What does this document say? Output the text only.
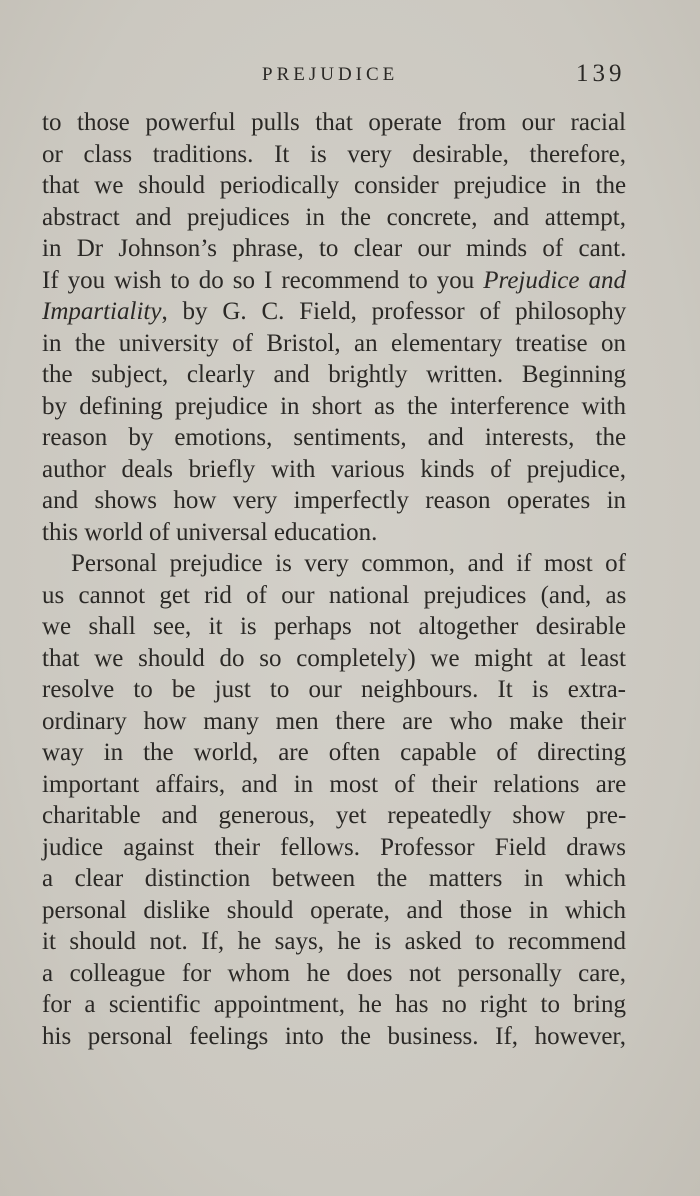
PREJUDICE	139
to those powerful pulls that operate from our racial
or class traditions. It is very desirable, therefore,
that we should periodically consider prejudice in the
abstract and prejudices in the concrete, and attempt,
in Dr Johnson’s phrase, to clear our minds of cant.
If you wish to do so I recommend to you Prejudice and
Impartiality, by G. C. Field, professor of philosophy
in the university of Bristol, an elementary treatise on
the subject, clearly and brightly written. Beginning
by defining prejudice in short as the interference with
reason by emotions, sentiments, and interests, the
author deals briefly with various kinds of prejudice,
and shows how very imperfectly reason operates in
this world of universal education.
Personal prejudice is very common, and if most of
us cannot get rid of our national prejudices (and, as
we shall see, it is perhaps not altogether desirable
that we should do so completely) we might at least
resolve to be just to our neighbours. It is extra-
ordinary how many men there are who make their
way in the world, are often capable of directing
important affairs, and in most of their relations are
charitable and generous, yet repeatedly show pre-
judice against their fellows. Professor Field draws
a clear distinction between the matters in which
personal dislike should operate, and those in which
it should not. If, he says, he is asked to recommend
a colleague for whom he does not personally care,
for a scientific appointment, he has no right to bring
his personal feelings into the business. If, however,
